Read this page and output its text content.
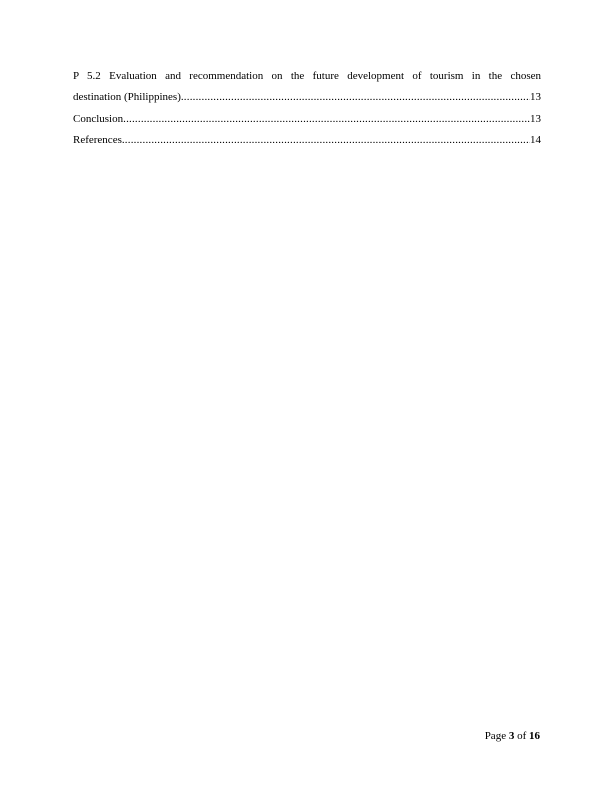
P 5.2 Evaluation and recommendation on the future development of tourism in the chosen
destination (Philippines) .....	13
Conclusion .....	13
References .....	14
Page 3 of 16
